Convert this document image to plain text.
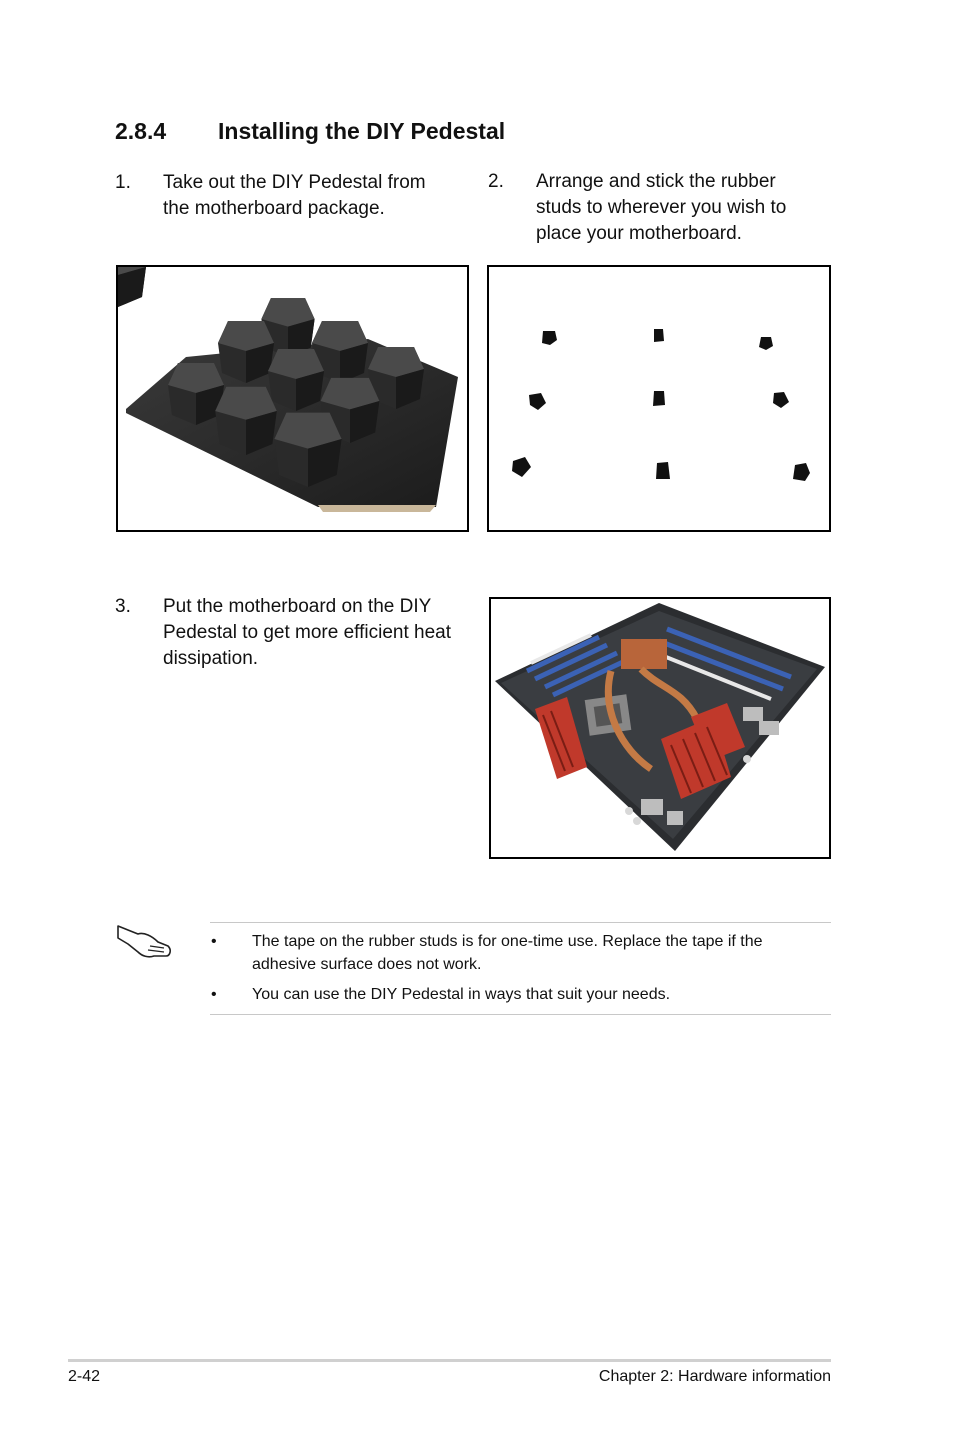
2.8.4 Installing the DIY Pedestal
1. Take out the DIY Pedestal from
the motherboard package.
2. Arrange and stick the rubber
studs to wherever you wish to
place your motherboard.
3. Put the motherboard on the DIY
Pedestal to get more efficient heat
dissipation.
• The tape on the rubber studs is for one-time use. Replace the tape if the
adhesive surface does not work.
• You can use the DIY Pedestal in ways that suit your needs.
2-42	Chapter 2: Hardware information
